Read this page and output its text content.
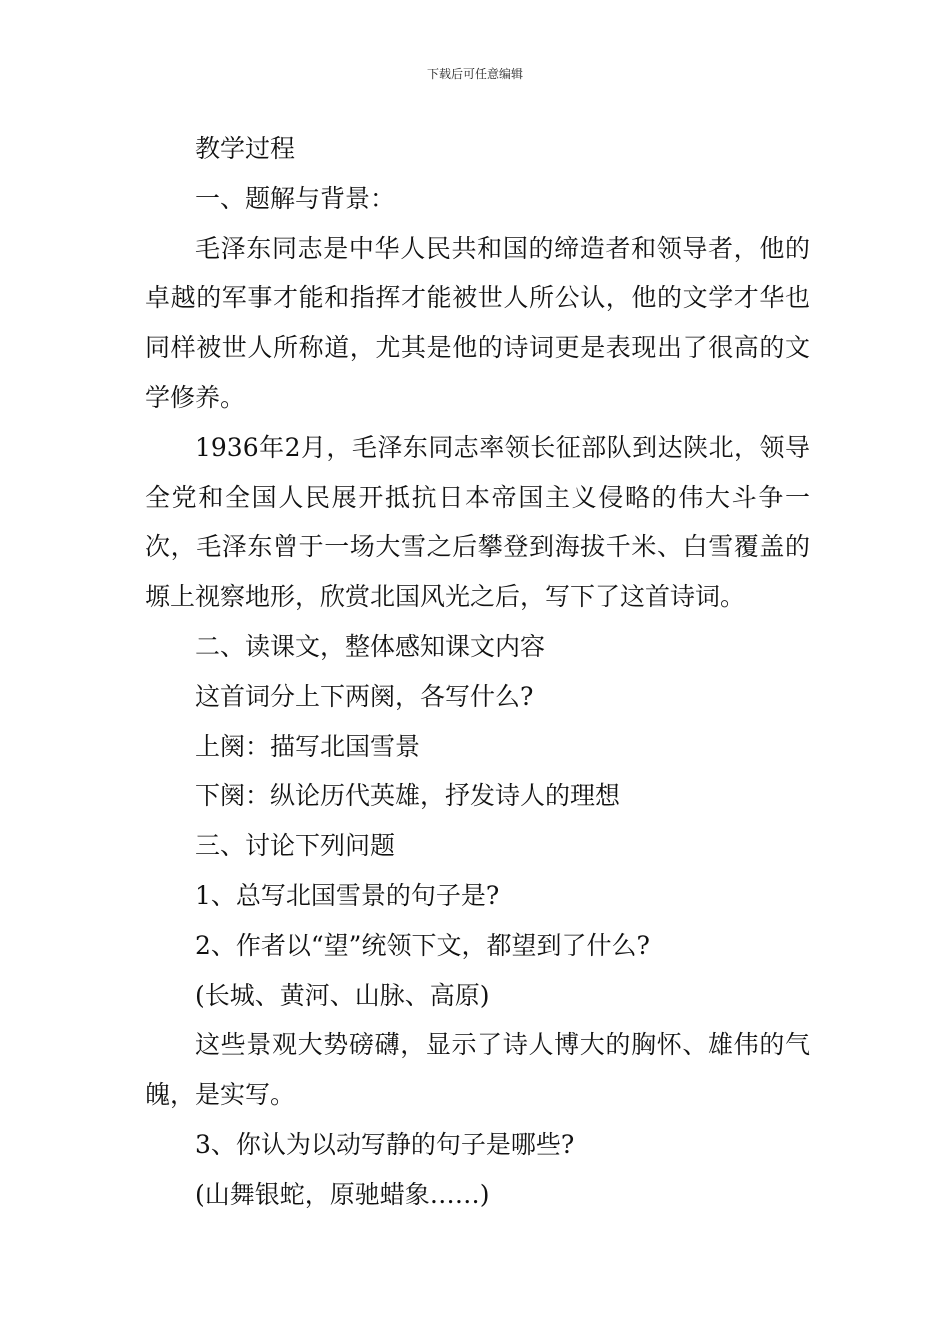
下载后可任意编辑

教学过程

一、题解与背景：

毛泽东同志是中华人民共和国的缔造者和领导者，他的卓越的军事才能和指挥才能被世人所公认，他的文学才华也同样被世人所称道，尤其是他的诗词更是表现出了很高的文学修养。

1936年2月，毛泽东同志率领长征部队到达陕北，领导全党和全国人民展开抵抗日本帝国主义侵略的伟大斗争一次，毛泽东曾于一场大雪之后攀登到海拔千米、白雪覆盖的塬上视察地形，欣赏北国风光之后，写下了这首诗词。

二、读课文，整体感知课文内容

这首词分上下两阕，各写什么?

上阕：描写北国雪景

下阕：纵论历代英雄，抒发诗人的理想

三、讨论下列问题

1、总写北国雪景的句子是?

2、作者以“望”统领下文，都望到了什么?

(长城、黄河、山脉、高原)

这些景观大势磅礴，显示了诗人博大的胸怀、雄伟的气魄，是实写。

3、你认为以动写静的句子是哪些?

(山舞银蛇，原驰蜡象……)
